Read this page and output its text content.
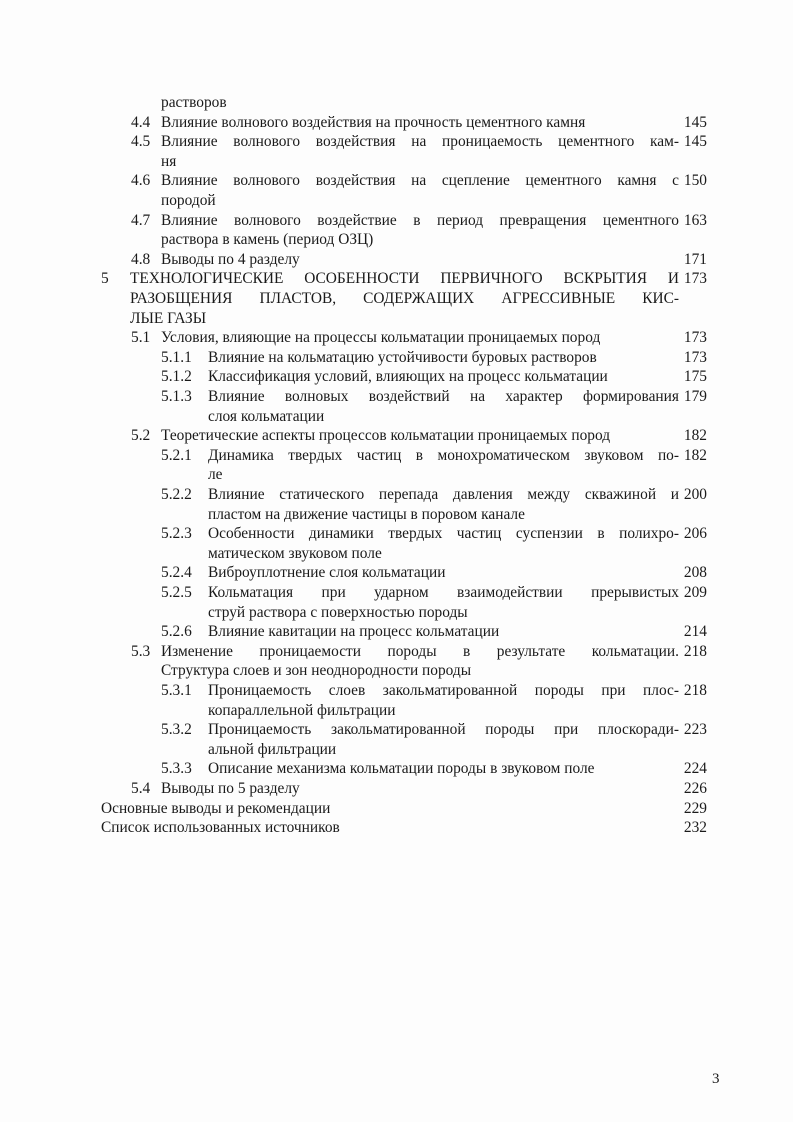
растворов
4.4 Влияние волнового воздействия на прочность цементного камня	145
4.5 Влияние волнового воздействия на проницаемость цементного кам- 145
ня
4.6 Влияние волнового воздействия на сцепление цементного камня с 150
породой
4.7 Влияние волнового воздействие в период превращения цементного 163
раствора в камень (период ОЗЦ)
4.8 Выводы по 4 разделу	171
5 ТЕХНОЛОГИЧЕСКИЕ ОСОБЕННОСТИ ПЕРВИЧНОГО ВСКРЫТИЯ И 173
РАЗОБЩЕНИЯ ПЛАСТОВ, СОДЕРЖАЩИХ АГРЕССИВНЫЕ КИС-
ЛЫЕ ГАЗЫ
5.1 Условия, влияющие на процессы кольматации проницаемых пород	173
5.1.1 Влияние на кольматацию устойчивости буровых растворов	173
5.1.2 Классификация условий, влияющих на процесс кольматации	175
5.1.3 Влияние волновых воздействий на характер формирования 179
слоя кольматации
5.2 Теоретические аспекты процессов кольматации проницаемых пород	182
5.2.1 Динамика твердых частиц в монохроматическом звуковом по- 182
ле
5.2.2 Влияние статического перепада давления между скважиной и 200
пластом на движение частицы в поровом канале
5.2.3 Особенности динамики твердых частиц суспензии в полихро- 206
матическом звуковом поле
5.2.4 Виброуплотнение слоя кольматации	208
5.2.5 Кольматация при ударном взаимодействии прерывистых 209
струй раствора с поверхностью породы
5.2.6 Влияние кавитации на процесс кольматации	214
5.3 Изменение проницаемости породы в результате кольматации. 218
Структура слоев и зон неоднородности породы
5.3.1 Проницаемость слоев закольматированной породы при плос- 218
копараллельной фильтрации
5.3.2 Проницаемость закольматированной породы при плоскоради- 223
альной фильтрации
5.3.3 Описание механизма кольматации породы в звуковом поле	224
5.4 Выводы по 5 разделу	226
Основные выводы и рекомендации	229
Список использованных источников	232
3
